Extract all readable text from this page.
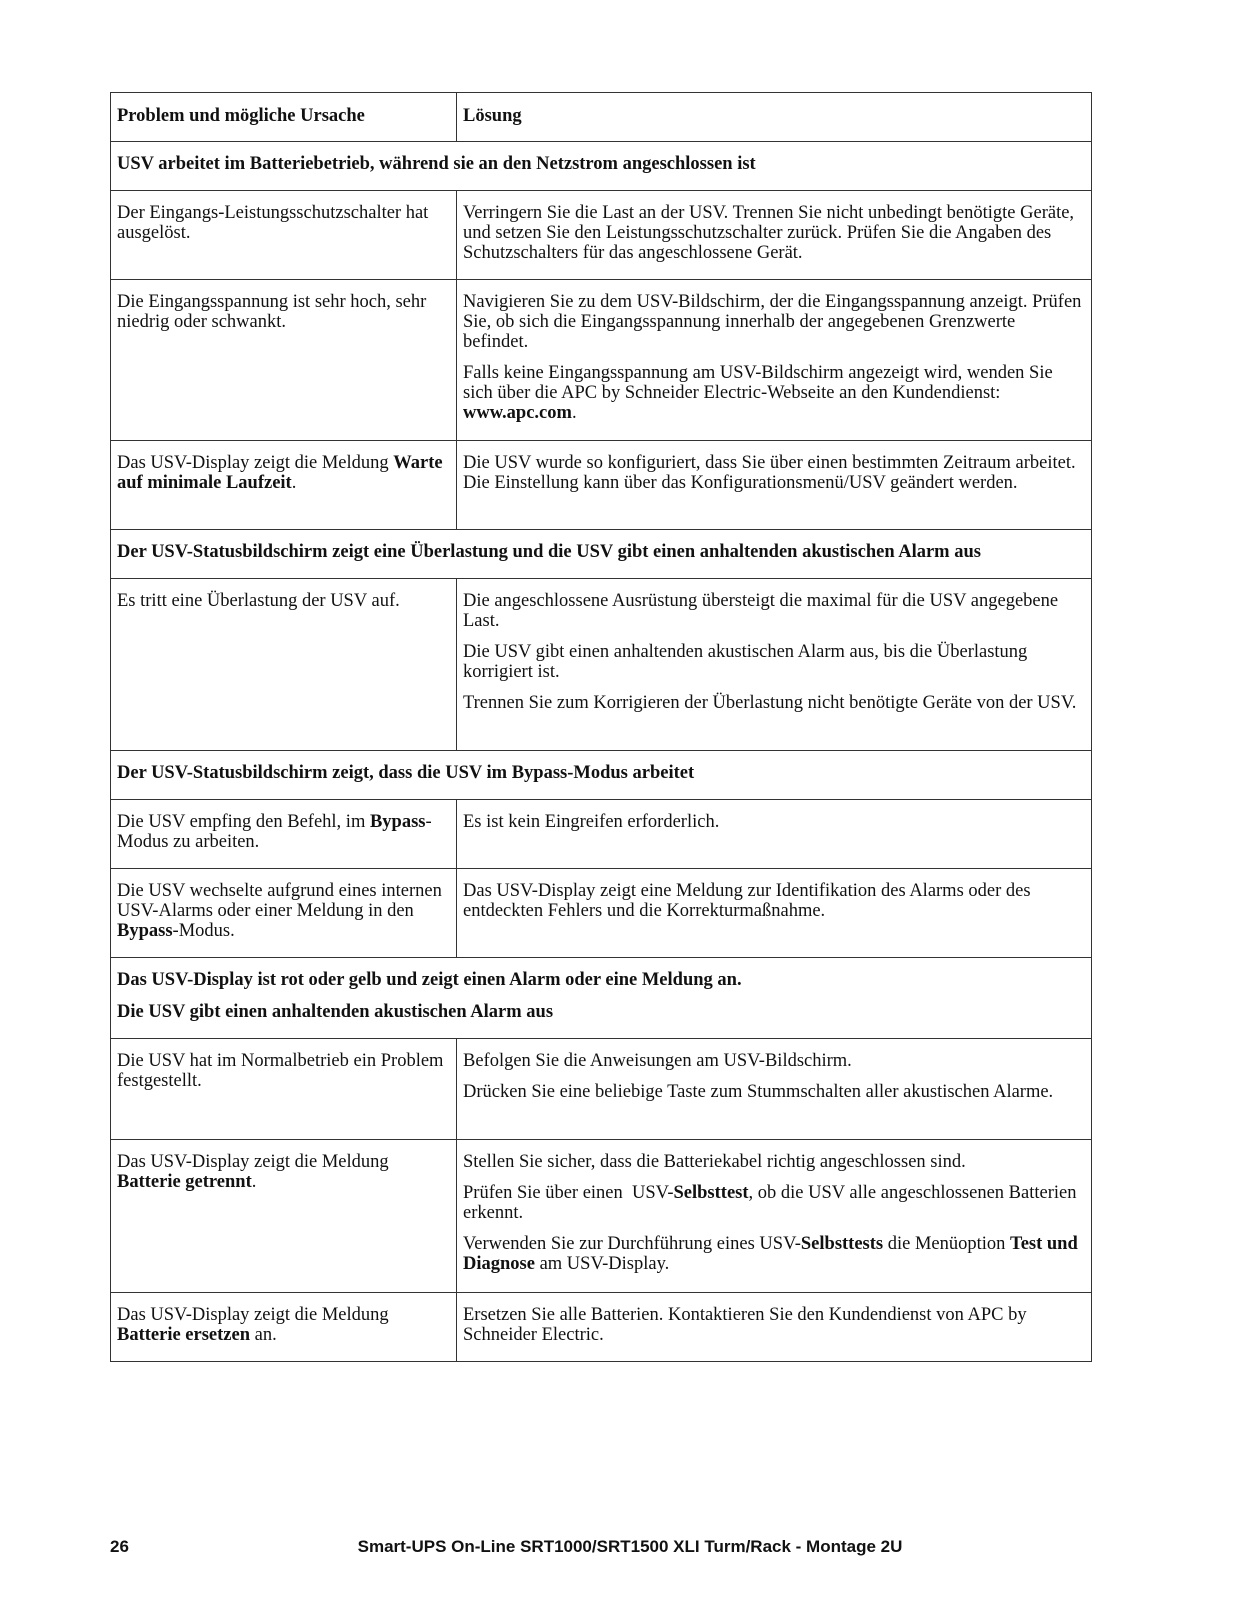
Problem und mögliche Ursache	Lösung
USV arbeitet im Batteriebetrieb, während sie an den Netzstrom angeschlossen ist	
Der Eingangs-Leistungsschutzschalter hat ausgelöst.	Verringern Sie die Last an der USV. Trennen Sie nicht unbedingt benötigte Geräte, und setzen Sie den Leistungsschutzschalter zurück. Prüfen Sie die Angaben des Schutzschalters für das angeschlossene Gerät.

Die Eingangsspannung ist sehr hoch, sehr niedrig oder schwankt.	Navigieren Sie zu dem USV-Bildschirm, der die Eingangsspannung anzeigt. Prüfen Sie, ob sich die Eingangsspannung innerhalb der angegebenen Grenzwerte befindet.

Falls keine Eingangsspannung am USV-Bildschirm angezeigt wird, wenden Sie sich über die APC by Schneider Electric-Webseite an den Kundendienst: www.apc.com.

Das USV-Display zeigt die Meldung Warte auf minimale Laufzeit.	Die USV wurde so konfiguriert, dass Sie über einen bestimmten Zeitraum arbeitet. Die Einstellung kann über das Konfigurationsmenü/USV geändert werden.

Der USV-Statusbildschirm zeigt eine Überlastung und die USV gibt einen anhaltenden akustischen Alarm aus	
Es tritt eine Überlastung der USV auf.	Die angeschlossene Ausrüstung übersteigt die maximal für die USV angegebene Last.

Die USV gibt einen anhaltenden akustischen Alarm aus, bis die Überlastung korrigiert ist.

Trennen Sie zum Korrigieren der Überlastung nicht benötigte Geräte von der USV.

Der USV-Statusbildschirm zeigt, dass die USV im Bypass-Modus arbeitet	
Die USV empfing den Befehl, im Bypass-Modus zu arbeiten.	Es ist kein Eingreifen erforderlich.

Die USV wechselte aufgrund eines internen USV-Alarms oder einer Meldung in den Bypass-Modus.	Das USV-Display zeigt eine Meldung zur Identifikation des Alarms oder des entdeckten Fehlers und die Korrekturmaßnahme.

Das USV-Display ist rot oder gelb und zeigt einen Alarm oder eine Meldung an.
Die USV gibt einen anhaltenden akustischen Alarm aus	

Die USV hat im Normalbetrieb ein Problem festgestellt.	Befolgen Sie die Anweisungen am USV-Bildschirm.

Drücken Sie eine beliebige Taste zum Stummschalten aller akustischen Alarme.

Das USV-Display zeigt die Meldung Batterie getrennt.	Stellen Sie sicher, dass die Batteriekabel richtig angeschlossen sind.

Prüfen Sie über einen  USV-Selbsttest, ob die USV alle angeschlossenen Batterien erkennt.

Verwenden Sie zur Durchführung eines USV-Selbsttests die Menüoption Test und Diagnose am USV-Display.

Das USV-Display zeigt die Meldung Batterie ersetzen an.	Ersetzen Sie alle Batterien. Kontaktieren Sie den Kundendienst von APC by Schneider Electric.

26	Smart-UPS On-Line SRT1000/SRT1500 XLI Turm/Rack - Montage 2U
